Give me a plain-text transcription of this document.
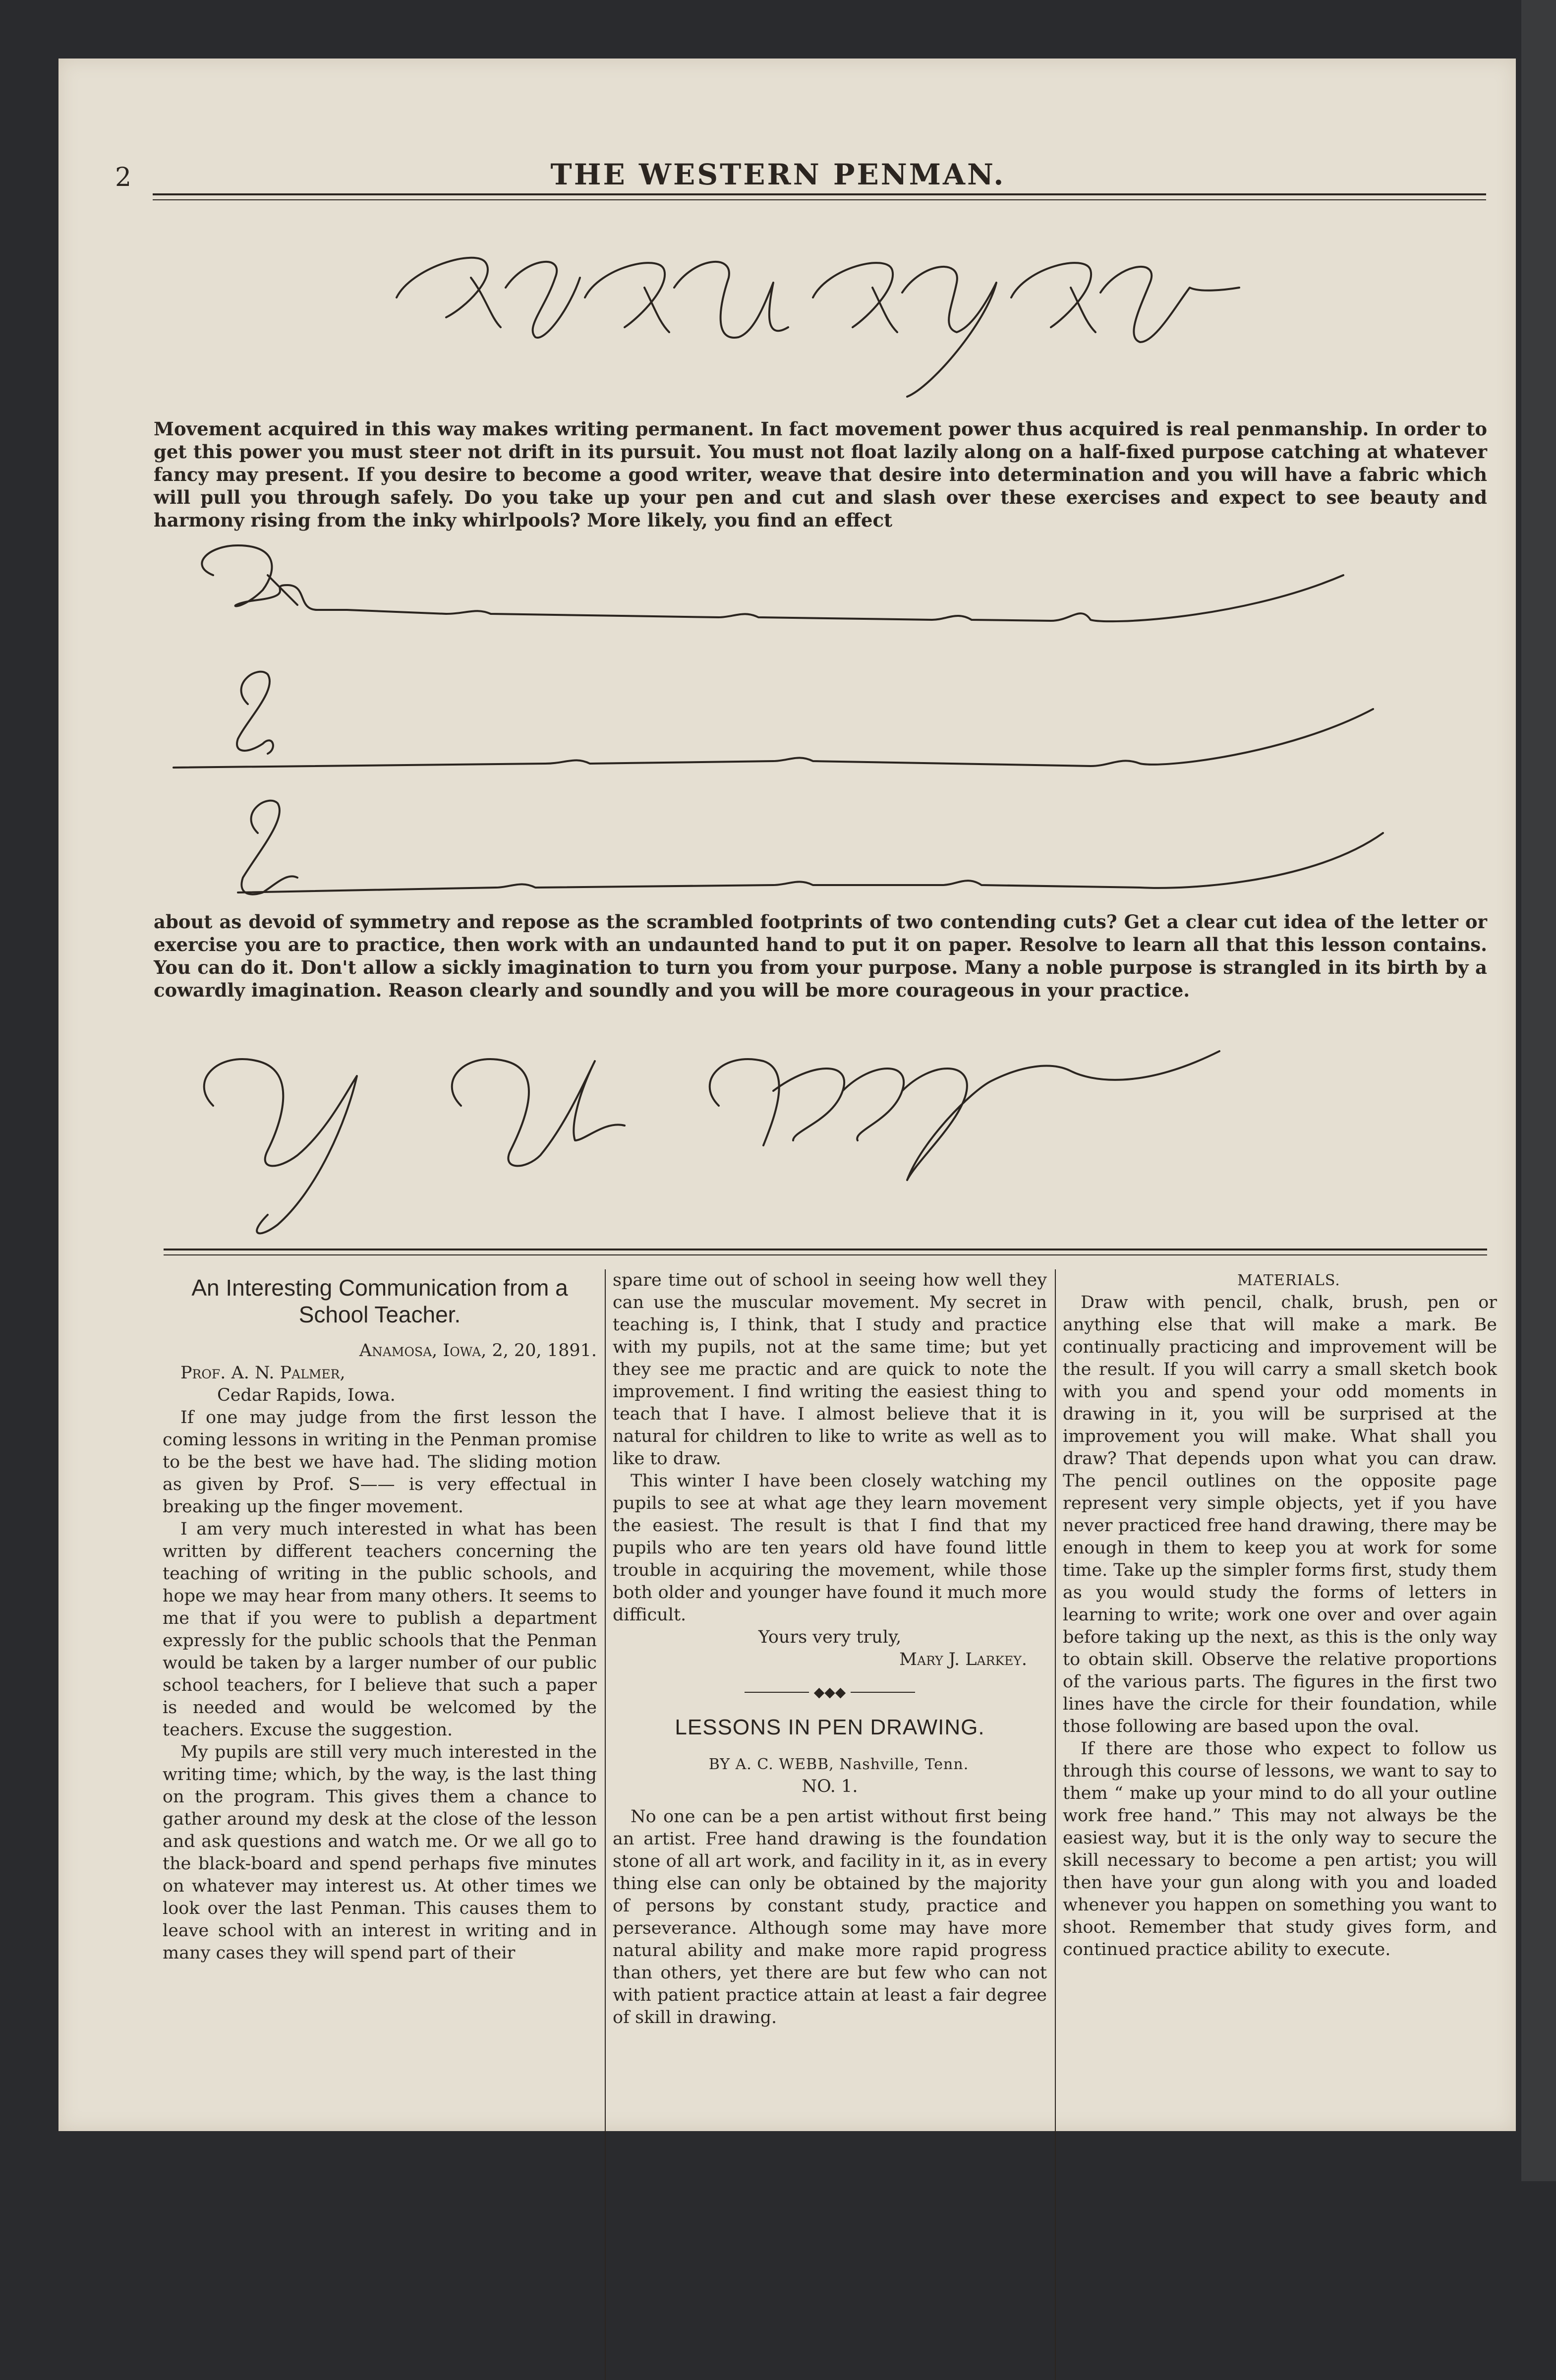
2	THE WESTERN PENMAN.

Movement acquired in this way makes writing permanent. In fact movement power thus acquired is real penmanship. In order to get this power you must steer not drift in its pursuit. You must not float lazily along on a half-fixed purpose catching at whatever fancy may present. If you desire to become a good writer, weave that desire into determination and you will have a fabric which will pull you through safely. Do you take up your pen and cut and slash over these exercises and expect to see beauty and harmony rising from the inky whirlpools? More likely, you find an effect

about as devoid of symmetry and repose as the scrambled footprints of two contending cuts? Get a clear cut idea of the letter or exercise you are to practice, then work with an undaunted hand to put it on paper. Resolve to learn all that this lesson contains. You can do it. Don't allow a sickly imagination to turn you from your purpose. Many a noble purpose is strangled in its birth by a cowardly imagination. Reason clearly and soundly and you will be more courageous in your practice.

An Interesting Communication from a School Teacher.

Anamosa, Iowa, 2, 20, 1891.

Prof. A. N. Palmer,

Cedar Rapids, Iowa.

If one may judge from the first lesson the coming lessons in writing in the Penman promise to be the best we have had. The sliding motion as given by Prof. S—— is very effectual in breaking up the finger movement.

I am very much interested in what has been written by different teachers concerning the teaching of writing in the public schools, and hope we may hear from many others. It seems to me that if you were to publish a department expressly for the public schools that the Penman would be taken by a larger number of our public school teachers, for I believe that such a paper is needed and would be welcomed by the teachers. Excuse the suggestion.

My pupils are still very much interested in the writing time; which, by the way, is the last thing on the program. This gives them a chance to gather around my desk at the close of the lesson and ask questions and watch me. Or we all go to the black-board and spend perhaps five minutes on whatever may interest us. At other times we look over the last Penman. This causes them to leave school with an interest in writing and in many cases they will spend part of their

spare time out of school in seeing how well they can use the muscular movement. My secret in teaching is, I think, that I study and practice with my pupils, not at the same time; but yet they see me practic and are quick to note the improvement. I find writing the easiest thing to teach that I have. I almost believe that it is natural for children to like to write as well as to like to draw.

This winter I have been closely watching my pupils to see at what age they learn movement the easiest. The result is that I find that my pupils who are ten years old have found little trouble in acquiring the movement, while those both older and younger have found it much more difficult.

Yours very truly,

Mary J. Larkey.

◆◆◆
LESSONS IN PEN DRAWING.

BY A. C. WEBB, Nashville, Tenn.

NO. 1.

No one can be a pen artist without first being an artist. Free hand drawing is the foundation stone of all art work, and facility in it, as in every thing else can only be obtained by the majority of persons by constant study, practice and perseverance. Although some may have more natural ability and make more rapid progress than others, yet there are but few who can not with patient practice attain at least a fair degree of skill in drawing.

MATERIALS.

Draw with pencil, chalk, brush, pen or anything else that will make a mark. Be continually practicing and improvement will be the result. If you will carry a small sketch book with you and spend your odd moments in drawing in it, you will be surprised at the improvement you will make. What shall you draw? That depends upon what you can draw. The pencil outlines on the opposite page represent very simple objects, yet if you have never practiced free hand drawing, there may be enough in them to keep you at work for some time. Take up the simpler forms first, study them as you would study the forms of letters in learning to write; work one over and over again before taking up the next, as this is the only way to obtain skill. Observe the relative proportions of the various parts. The figures in the first two lines have the circle for their foundation, while those following are based upon the oval.

If there are those who expect to follow us through this course of lessons, we want to say to them “ make up your mind to do all your outline work free hand.” This may not always be the easiest way, but it is the only way to secure the skill necessary to become a pen artist; you will then have your gun along with you and loaded whenever you happen on something you want to shoot. Remember that study gives form, and continued practice ability to execute.
